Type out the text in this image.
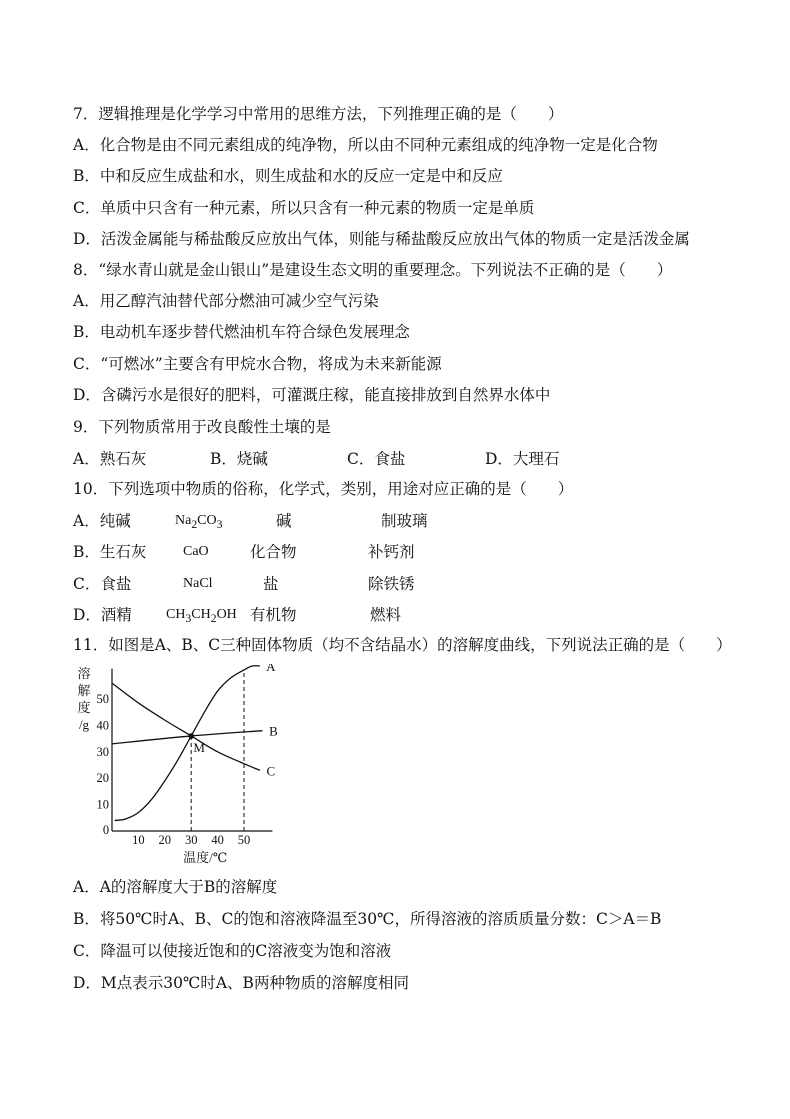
7．逻辑推理是化学学习中常用的思维方法，下列推理正确的是（　　）
A．化合物是由不同元素组成的纯净物，所以由不同种元素组成的纯净物一定是化合物
B．中和反应生成盐和水，则生成盐和水的反应一定是中和反应
C．单质中只含有一种元素，所以只含有一种元素的物质一定是单质
D．活泼金属能与稀盐酸反应放出气体，则能与稀盐酸反应放出气体的物质一定是活泼金属
8．“绿水青山就是金山银山”是建设生态文明的重要理念。下列说法不正确的是（　　）
A．用乙醇汽油替代部分燃油可减少空气污染
B．电动机车逐步替代燃油机车符合绿色发展理念
C．“可燃冰”主要含有甲烷水合物，将成为未来新能源
D．含磷污水是很好的肥料，可灌溉庄稼，能直接排放到自然界水体中
9．下列物质常用于改良酸性土壤的是
A．熟石灰	B．烧碱	C．食盐	D．大理石
10．下列选项中物质的俗称，化学式，类别，用途对应正确的是（　　）
A．纯碱	$Na_2CO_3$	碱	制玻璃
B．生石灰	CaO	化合物	补钙剂
C．食盐	NaCl	盐	除铁锈
D．酒精 $CH_3CH_2OH$ 有机物	燃料
11．如图是A、B、C三种固体物质（均不含结晶水）的溶解度曲线，下列说法正确的是（　　）
10 20 30 40 50
10
20
30
40
50
0
溶
解
度
/g
温度/℃
A
B
C
M
A．A的溶解度大于B的溶解度
B．将50℃时A、B、C的饱和溶液降温至30℃，所得溶液的溶质质量分数：C＞A＝B
C．降温可以使接近饱和的C溶液变为饱和溶液
D．M点表示30℃时A、B两种物质的溶解度相同
